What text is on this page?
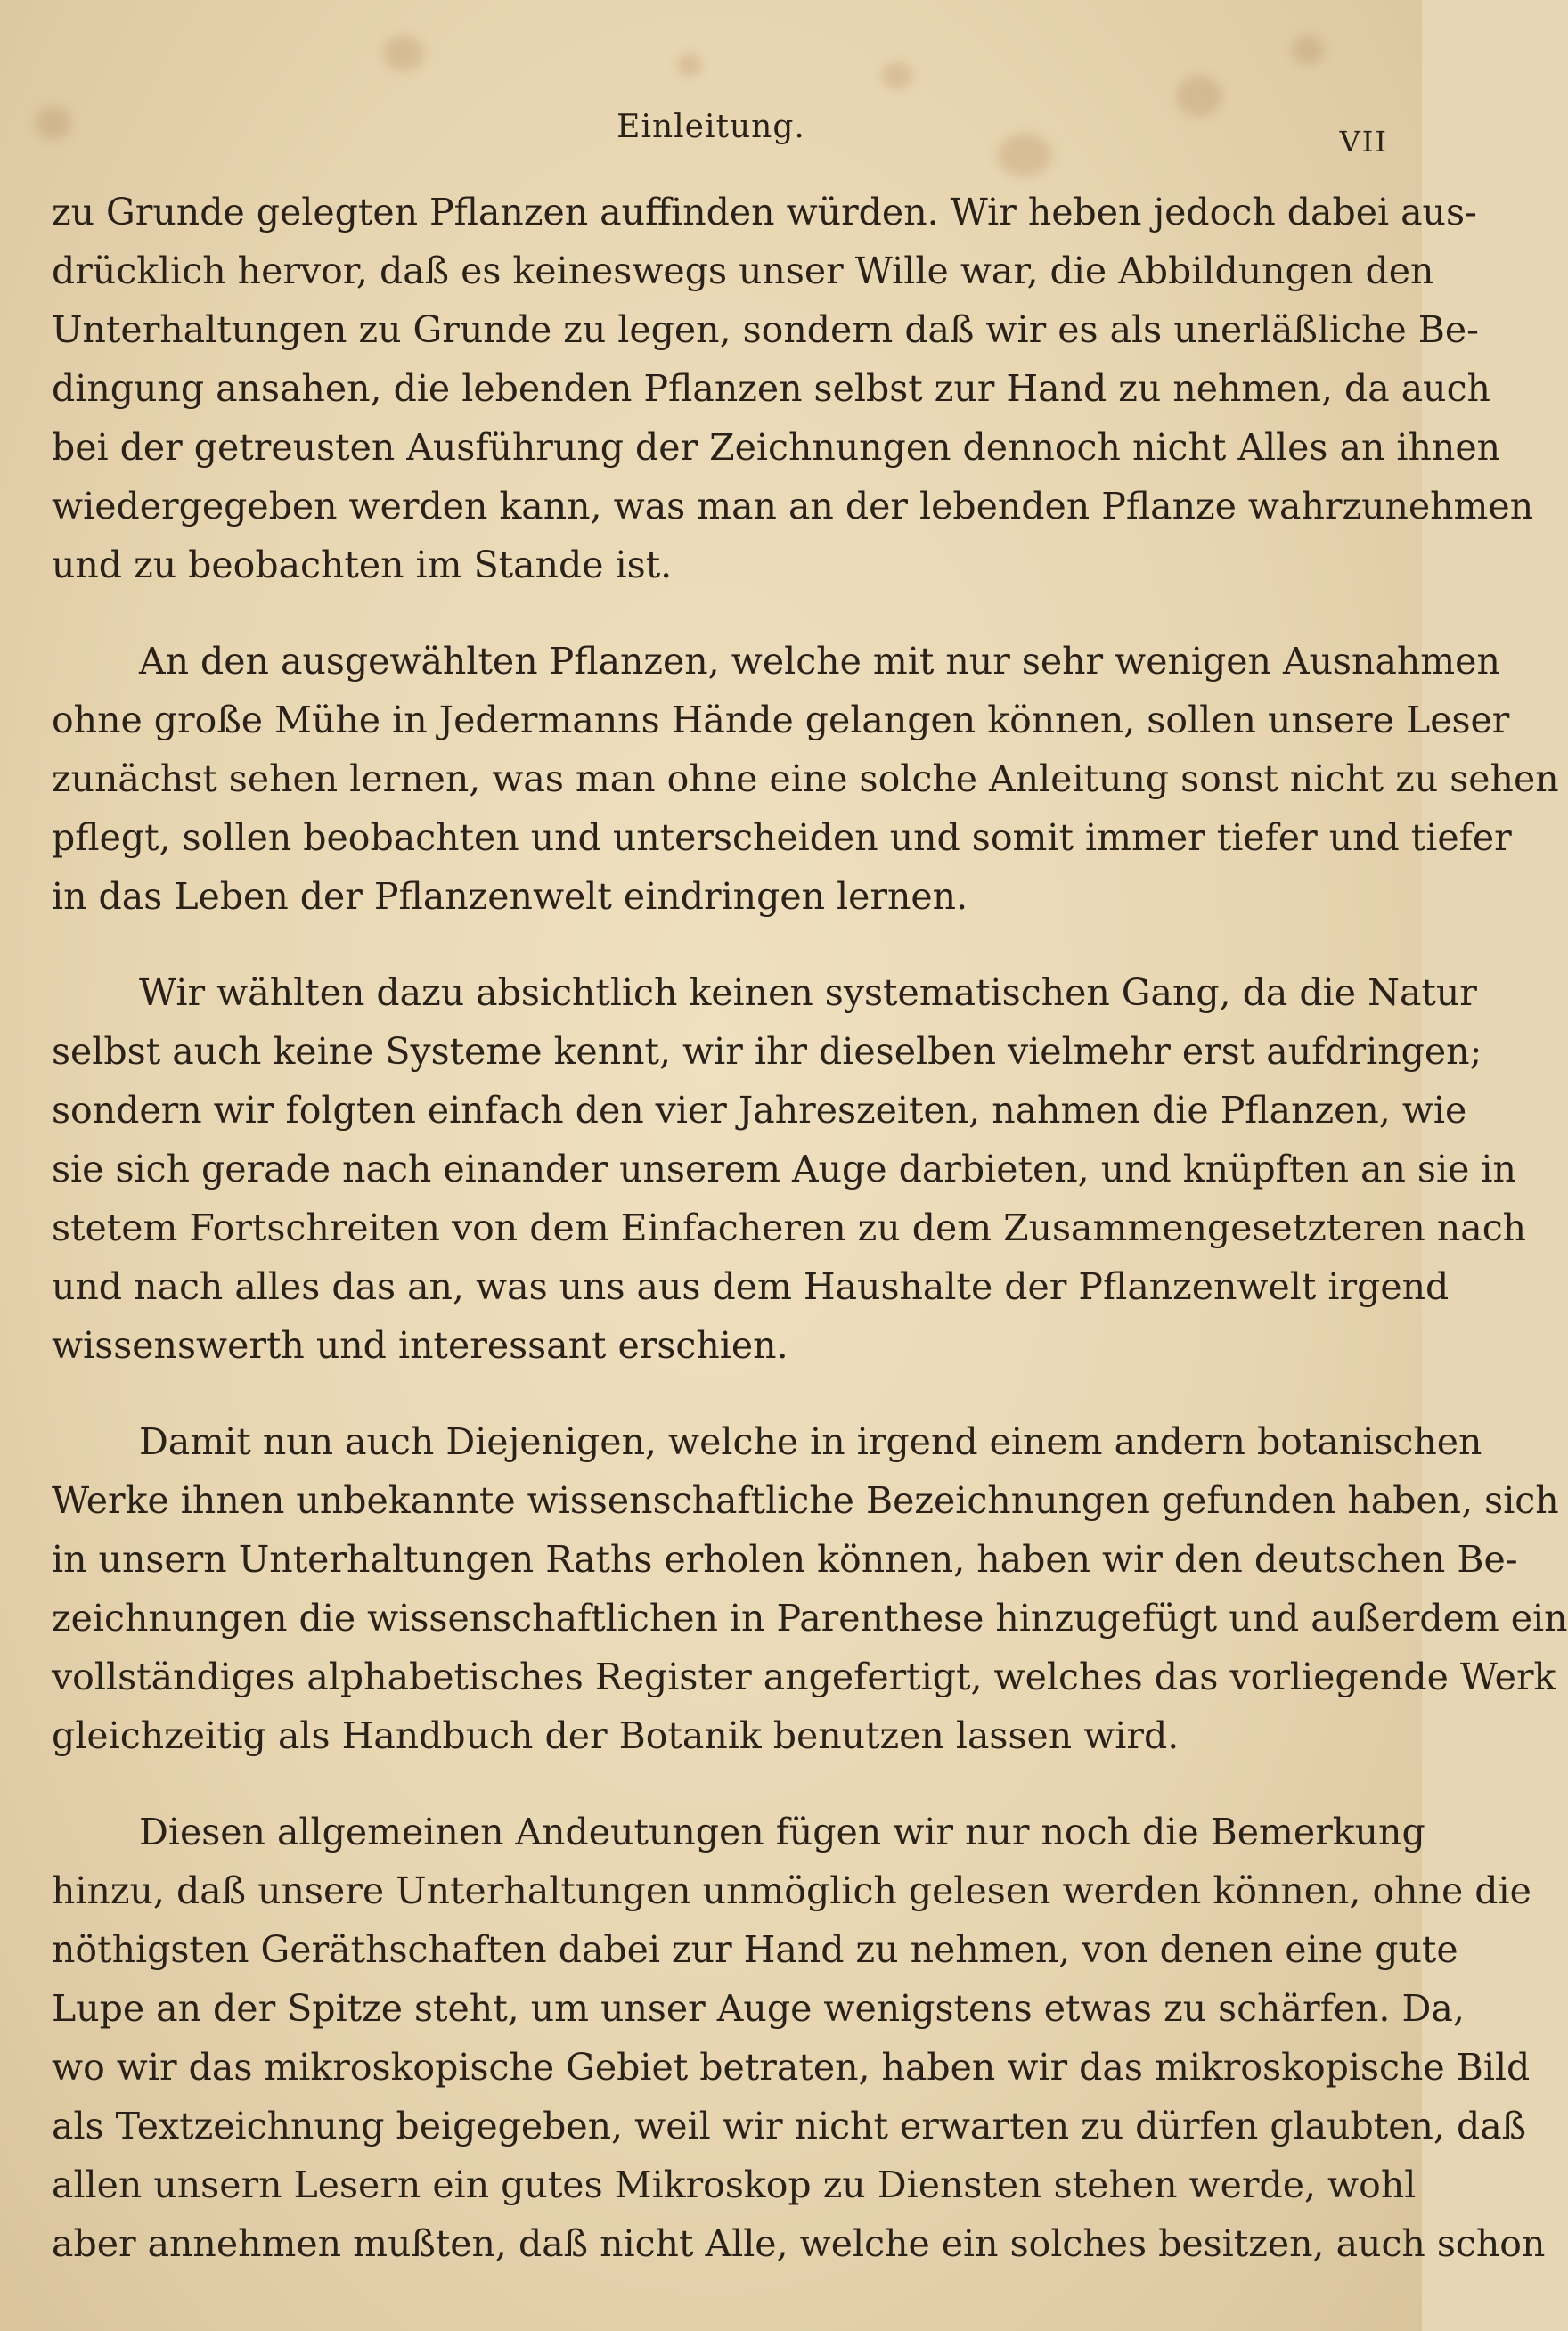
Einleitung.	VII
zu Grunde gelegten Pflanzen auffinden würden. Wir heben jedoch dabei aus-
drücklich hervor, daß es keineswegs unser Wille war, die Abbildungen den
Unterhaltungen zu Grunde zu legen, sondern daß wir es als unerläßliche Be-
dingung ansahen, die lebenden Pflanzen selbst zur Hand zu nehmen, da auch
bei der getreusten Ausführung der Zeichnungen dennoch nicht Alles an ihnen
wiedergegeben werden kann, was man an der lebenden Pflanze wahrzunehmen
und zu beobachten im Stande ist.
An den ausgewählten Pflanzen, welche mit nur sehr wenigen Ausnahmen
ohne große Mühe in Jedermanns Hände gelangen können, sollen unsere Leser
zunächst sehen lernen, was man ohne eine solche Anleitung sonst nicht zu sehen
pflegt, sollen beobachten und unterscheiden und somit immer tiefer und tiefer
in das Leben der Pflanzenwelt eindringen lernen.
Wir wählten dazu absichtlich keinen systematischen Gang, da die Natur
selbst auch keine Systeme kennt, wir ihr dieselben vielmehr erst aufdringen;
sondern wir folgten einfach den vier Jahreszeiten, nahmen die Pflanzen, wie
sie sich gerade nach einander unserem Auge darbieten, und knüpften an sie in
stetem Fortschreiten von dem Einfacheren zu dem Zusammengesetzteren nach
und nach alles das an, was uns aus dem Haushalte der Pflanzenwelt irgend
wissenswerth und interessant erschien.
Damit nun auch Diejenigen, welche in irgend einem andern botanischen
Werke ihnen unbekannte wissenschaftliche Bezeichnungen gefunden haben, sich
in unsern Unterhaltungen Raths erholen können, haben wir den deutschen Be-
zeichnungen die wissenschaftlichen in Parenthese hinzugefügt und außerdem ein
vollständiges alphabetisches Register angefertigt, welches das vorliegende Werk
gleichzeitig als Handbuch der Botanik benutzen lassen wird.
Diesen allgemeinen Andeutungen fügen wir nur noch die Bemerkung
hinzu, daß unsere Unterhaltungen unmöglich gelesen werden können, ohne die
nöthigsten Geräthschaften dabei zur Hand zu nehmen, von denen eine gute
Lupe an der Spitze steht, um unser Auge wenigstens etwas zu schärfen. Da,
wo wir das mikroskopische Gebiet betraten, haben wir das mikroskopische Bild
als Textzeichnung beigegeben, weil wir nicht erwarten zu dürfen glaubten, daß
allen unsern Lesern ein gutes Mikroskop zu Diensten stehen werde, wohl
aber annehmen mußten, daß nicht Alle, welche ein solches besitzen, auch schon
